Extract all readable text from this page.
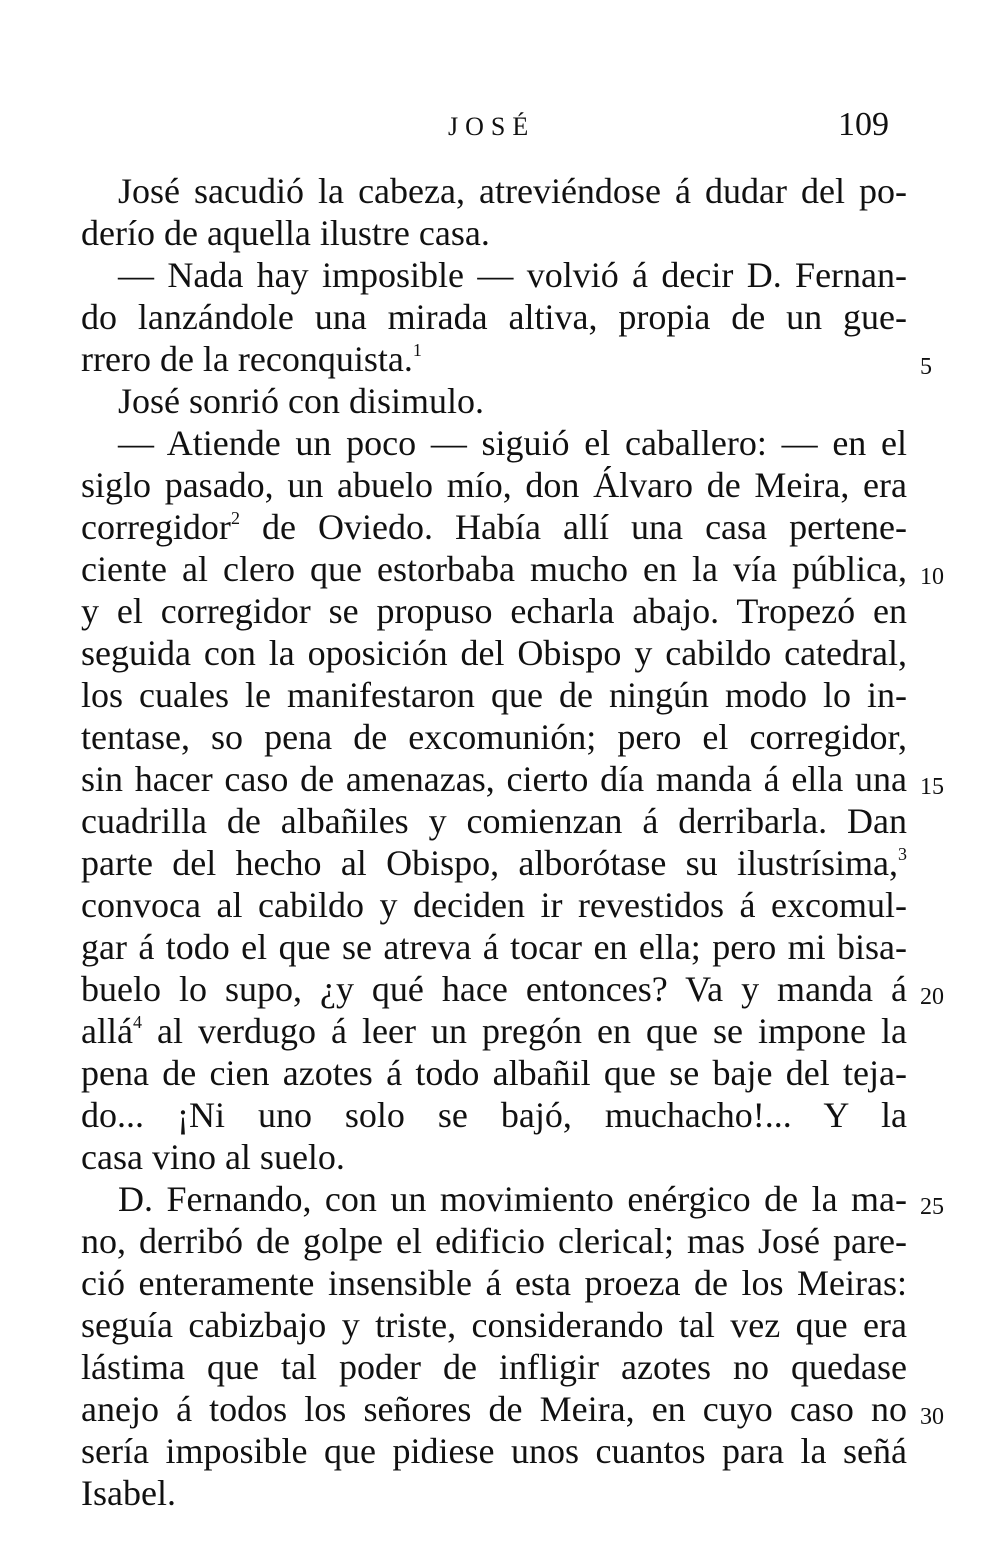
JOSÉ	109
José sacudió la cabeza, atreviéndose á dudar del po-
derío de aquella ilustre casa.
— Nada hay imposible — volvió á decir D. Fernan-
do lanzándole una mirada altiva, propia de un gue-
rrero de la reconquista.$^1$
José sonrió con disimulo.
— Atiende un poco — siguió el caballero: — en el
siglo pasado, un abuelo mío, don Álvaro de Meira, era
corregidor$^2$ de Oviedo. Había allí una casa pertene-
ciente al clero que estorbaba mucho en la vía pública,
y el corregidor se propuso echarla abajo. Tropezó en
seguida con la oposición del Obispo y cabildo catedral,
los cuales le manifestaron que de ningún modo lo in-
tentase, so pena de excomunión; pero el corregidor,
sin hacer caso de amenazas, cierto día manda á ella una
cuadrilla de albañiles y comienzan á derribarla. Dan
parte del hecho al Obispo, alborótase su ilustrísima,$^3$
convoca al cabildo y deciden ir revestidos á excomul-
gar á todo el que se atreva á tocar en ella; pero mi bisa-
buelo lo supo, ¿y qué hace entonces? Va y manda á
allá$^4$ al verdugo á leer un pregón en que se impone la
pena de cien azotes á todo albañil que se baje del teja-
do... ¡Ni uno solo se bajó, muchacho!... Y la
casa vino al suelo.
D. Fernando, con un movimiento enérgico de la ma-
no, derribó de golpe el edificio clerical; mas José pare-
ció enteramente insensible á esta proeza de los Meiras:
seguía cabizbajo y triste, considerando tal vez que era
lástima que tal poder de infligir azotes no quedase
anejo á todos los señores de Meira, en cuyo caso no
sería imposible que pidiese unos cuantos para la señá
Isabel.
5
10
15
20
25
30
